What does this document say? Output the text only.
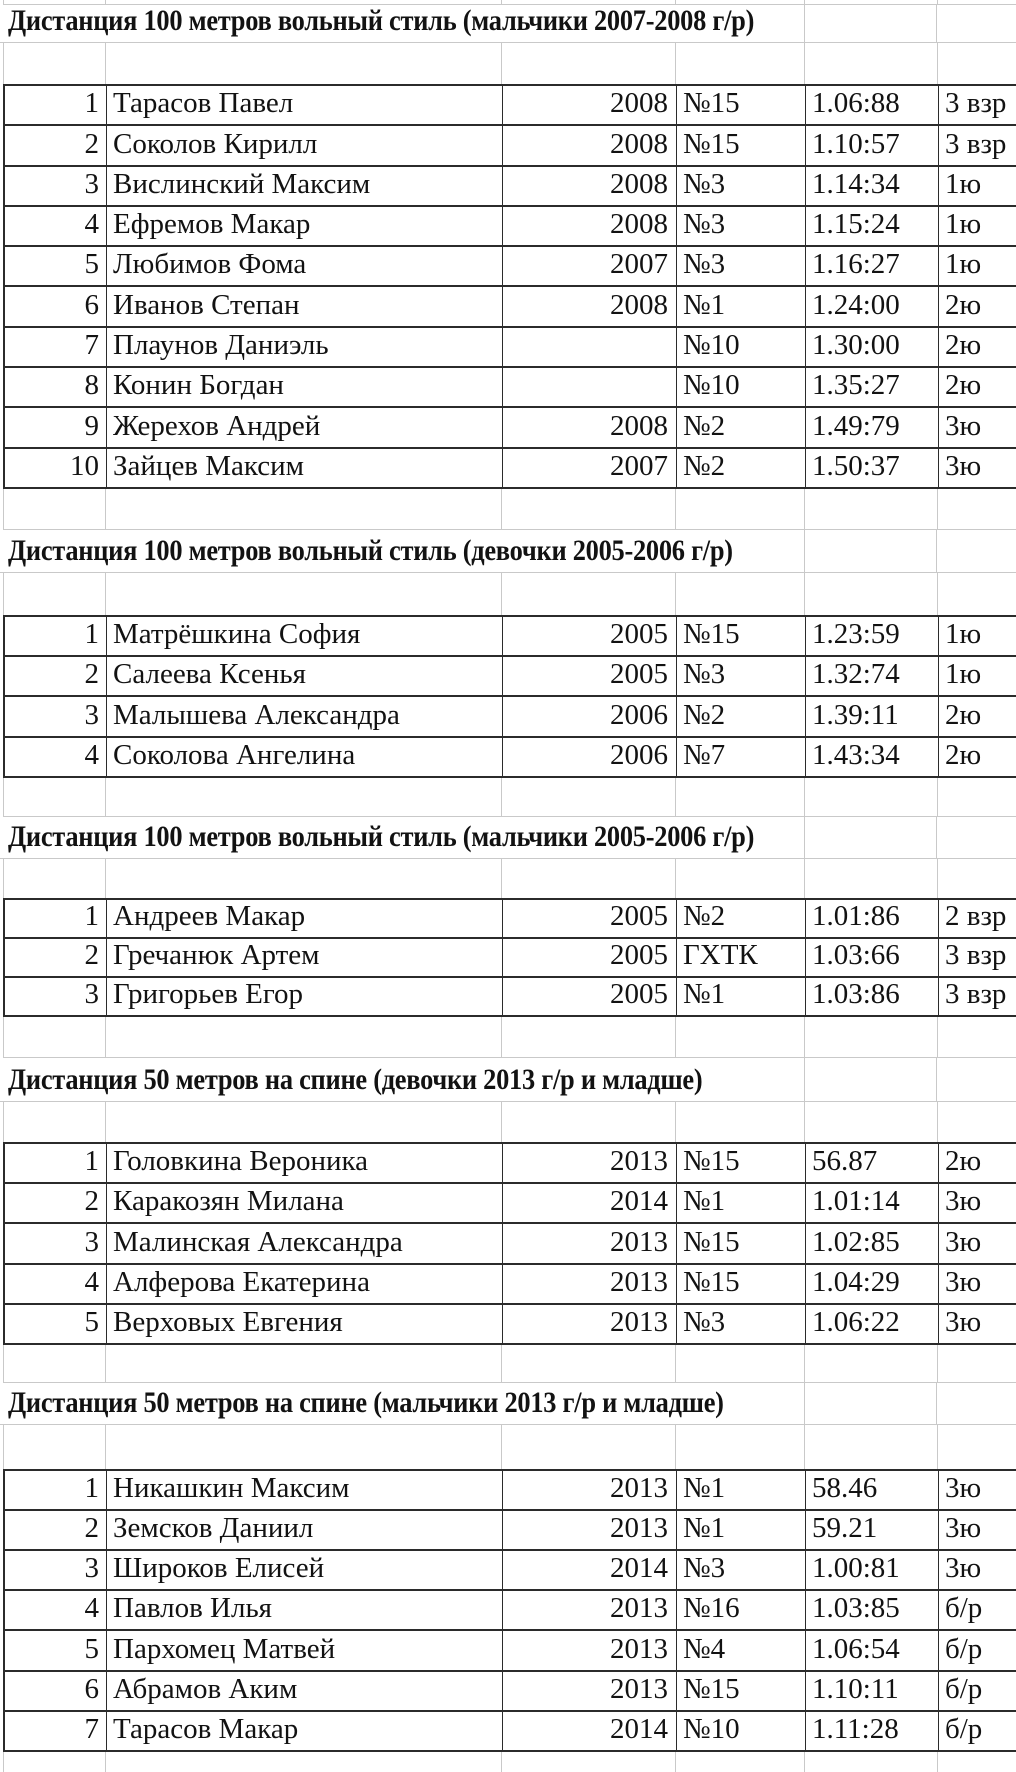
Дистанция 100 метров вольный стиль (мальчики 2007-2008 г/р)
1 Тарасов Павел	2008 №15	1.06:88	3 взр
2 Соколов Кирилл	2008 №15	1.10:57	3 взр
3 Вислинский Максим	2008 №3	1.14:34	1ю
4 Ефремов Макар	2008 №3	1.15:24	1ю
5 Любимов Фома	2007 №3	1.16:27	1ю
6 Иванов Степан	2008 №1	1.24:00	2ю
7 Плаунов Даниэль	№10	1.30:00	2ю
8 Конин Богдан	№10	1.35:27	2ю
9 Жерехов Андрей	2008 №2	1.49:79	3ю
10 Зайцев Максим	2007 №2	1.50:37	3ю
Дистанция 100 метров вольный стиль (девочки 2005-2006 г/р)
1 Матрёшкина София	2005 №15	1.23:59	1ю
2 Салеева Ксенья	2005 №3	1.32:74	1ю
3 Малышева Александра	2006 №2	1.39:11	2ю
4 Соколова Ангелина	2006 №7	1.43:34	2ю
Дистанция 100 метров вольный стиль (мальчики 2005-2006 г/р)
1 Андреев Макар	2005 №2	1.01:86	2 взр
2 Гречанюк Артем	2005 ГХТК	1.03:66	3 взр
3 Григорьев Егор	2005 №1	1.03:86	3 взр
Дистанция 50 метров на спине (девочки 2013 г/р и младше)
1 Головкина Вероника	2013 №15	56.87	2ю
2 Каракозян Милана	2014 №1	1.01:14	3ю
3 Малинская Александра	2013 №15	1.02:85	3ю
4 Алферова Екатерина	2013 №15	1.04:29	3ю
5 Верховых Евгения	2013 №3	1.06:22	3ю
Дистанция 50 метров на спине (мальчики 2013 г/р и младше)
1 Никашкин Максим	2013 №1	58.46	3ю
2 Земсков Даниил	2013 №1	59.21	3ю
3 Широков Елисей	2014 №3	1.00:81	3ю
4 Павлов Илья	2013 №16	1.03:85	б/р
5 Пархомец Матвей	2013 №4	1.06:54	б/р
6 Абрамов Аким	2013 №15	1.10:11	б/р
7 Тарасов Макар	2014 №10	1.11:28	б/р
